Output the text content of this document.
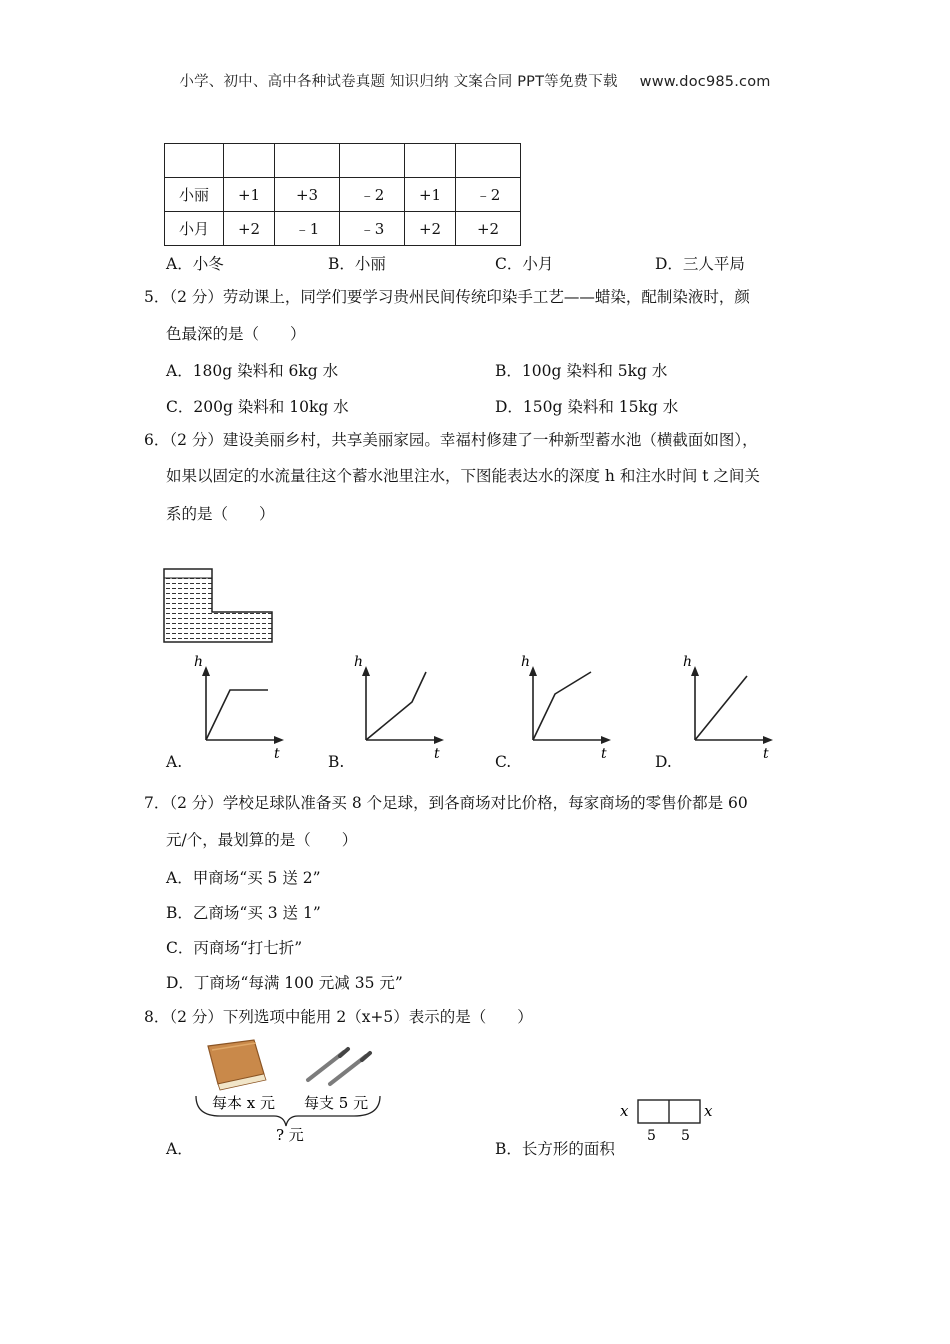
小学、初中、高中各种试卷真题 知识归纳 文案合同 PPT等免费下载 www.doc985.com

小丽	+1	+3	﹣2	+1	﹣2
小月	+2	﹣1	﹣3	+2	+2
A．小冬	B．小丽	C．小月	D．三人平局
5．（2 分）劳动课上，同学们要学习贵州民间传统印染手工艺——蜡染，配制染液时，颜
色最深的是（　　）
A．180g 染料和 6kg 水	B．100g 染料和 5kg 水
C．200g 染料和 10kg 水	D．150g 染料和 15kg 水
6．（2 分）建设美丽乡村，共享美丽家园。幸福村修建了一种新型蓄水池（横截面如图），
如果以固定的水流量往这个蓄水池里注水，下图能表达水的深度 h 和注水时间 t 之间关
系的是（　　）
h
t
h
t
h
t
h
t
A.	B.	C.	D.
7．（2 分）学校足球队准备买 8 个足球，到各商场对比价格，每家商场的零售价都是 60
元/个，最划算的是（　　）
A．甲商场“买 5 送 2”
B．乙商场“买 3 送 1”
C．丙商场“打七折”
D．丁商场“每满 100 元减 35 元”
8．（2 分）下列选项中能用 2（x+5）表示的是（　　）
每本 x 元 每支 5 元
? 元
A．
x	x
5 5
B．长方形的面积
